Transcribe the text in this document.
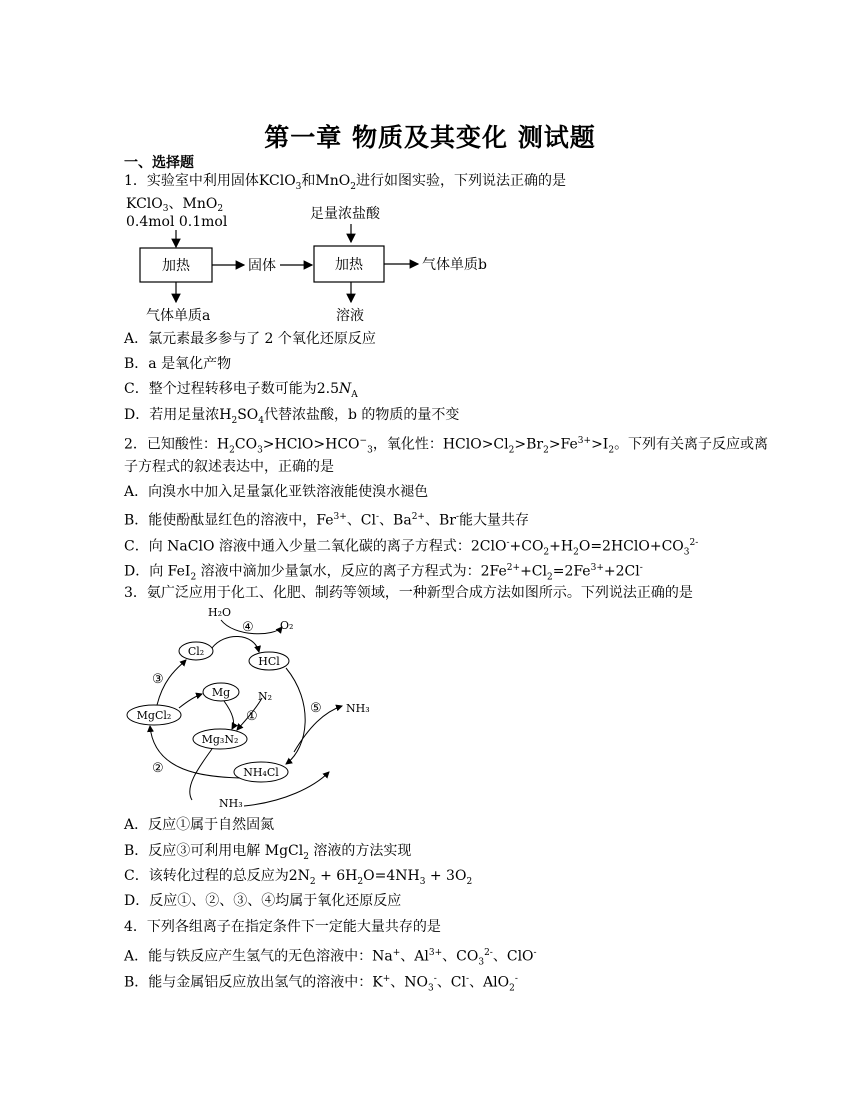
第一章 物质及其变化 测试题
一、选择题
1．实验室中利用固体KClO$_3$和MnO$_2$进行如图实验，下列说法正确的是
KClO$_3$、MnO$_2$
0.4mol 0.1mol	足量浓盐酸
加热	固体	加热	气体单质b
气体单质a	溶液
A．氯元素最多参与了 2 个氧化还原反应
B．a 是氧化产物
C．整个过程转移电子数可能为$2.5N_A$
D．若用足量浓$H_2SO_4$代替浓盐酸，b 的物质的量不变
2．已知酸性：$H_2CO_3>HClO>HCO^-_3$，氧化性：$HClO>Cl_2>Br_2>Fe^{3+}>I_2$。下列有关离子反应或离
子方程式的叙述表达中，正确的是
A．向溴水中加入足量氯化亚铁溶液能使溴水褪色
B．能使酚酞显红色的溶液中，$Fe^{3+}$、Cl-、$Ba^{2+}$、Br-能大量共存
C．向 NaClO 溶液中通入少量二氧化碳的离子方程式：$2ClO^-+CO_2+H_2O=2HClO+CO_3^{2-}$
D．向 FeI$_2$ 溶液中滴加少量氯水，反应的离子方程式为：$2Fe^{2+}+Cl_2=2Fe^{3+}+2Cl^-$
3．氨广泛应用于化工、化肥、制药等领域，一种新型合成方法如图所示。下列说法正确的是
H₂O
④ O₂
Cl₂
HCl
③
Mg	N₂
⑤ NH₃
MgCl₂	①
Mg₃N₂
②	NH₄Cl
NH₃
A．反应①属于自然固氮
B．反应③可利用电解 MgCl$_2$ 溶液的方法实现
C．该转化过程的总反应为$2N_2 + 6H_2O=4NH_3 + 3O_2$
D．反应①、②、③、④均属于氧化还原反应
4．下列各组离子在指定条件下一定能大量共存的是
A．能与铁反应产生氢气的无色溶液中：Na+、$Al^{3+}$、$CO_3^{2-}$、ClO-
B．能与金属铝反应放出氢气的溶液中：K+、$NO_3^-$、Cl-、AlO$_2$-
